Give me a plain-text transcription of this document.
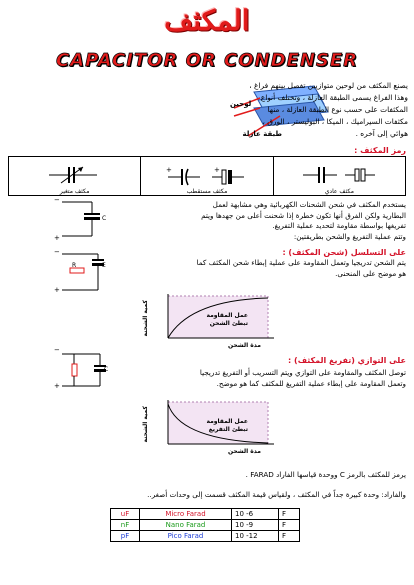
المكثف
CAPACITOR OR CONDENSER
لوحين
طبقة عازلة
يصنع المكثف من لوحين متوازيين تفصل بينهم فراغ ،
وهذا الفراغ يسمى الطبقة العازلة ، وتختلف أنواع
المكثفات على حسب نوع الطبقة العازلة ، منها
مكثفات السيراميك ، الميكا ، البوليستر ، الورق ،
هوائي إلى آخره .
رمز المكثف :
مكثف متغير

+	+
مكثف مستقطب	مكثف عادي
يستخدم المكثف في شحن الشحنات الكهربائية وهي مشابهة لعمل
البطارية ولكن الفرق أنها تكون خطرة إذا شحنت أعلى من جهدها ويتم
تفريغها بواسطة مقاومة لتحديد عملية التفريغ.
وتتم عملية التفريغ والشحن بطريقتين:
−
+
C
−
+
R	E
على التسلسل (شحن المكثف) :
يتم الشحن تدريجيا وتعمل المقاومة على عملية إبطاء شحن المكثف كما
هو موضح على المنحنى.
كمية الشحنة
مدة الشحن
عمل المقاومة
تبطئ الشحن
−
+
C
على التوازي (تفريغ المكثف) :
توصل المكثف والمقاومة على التوازي ويتم التسريب أو التفريغ تدريجيا
وتعمل المقاومة على إبطاء عملية التفريغ للمكثف كما هو موضح.
كمية الشحنة
مدة الشحن
عمل المقاومة
تبطئ التفريغ
يرمز للمكثف بالرمز C ووحدة قياسها الفاراد FARAD .
والفاراد: وحدة كبيرة جداً في المكثف ، ولقياس قيمة المكثف قسمت إلى وحدات أصغر..
uF	Micro Farad	10 -6	F
nF	Nano Farad	10 -9	F
pF	Pico Farad	10 -12	F
